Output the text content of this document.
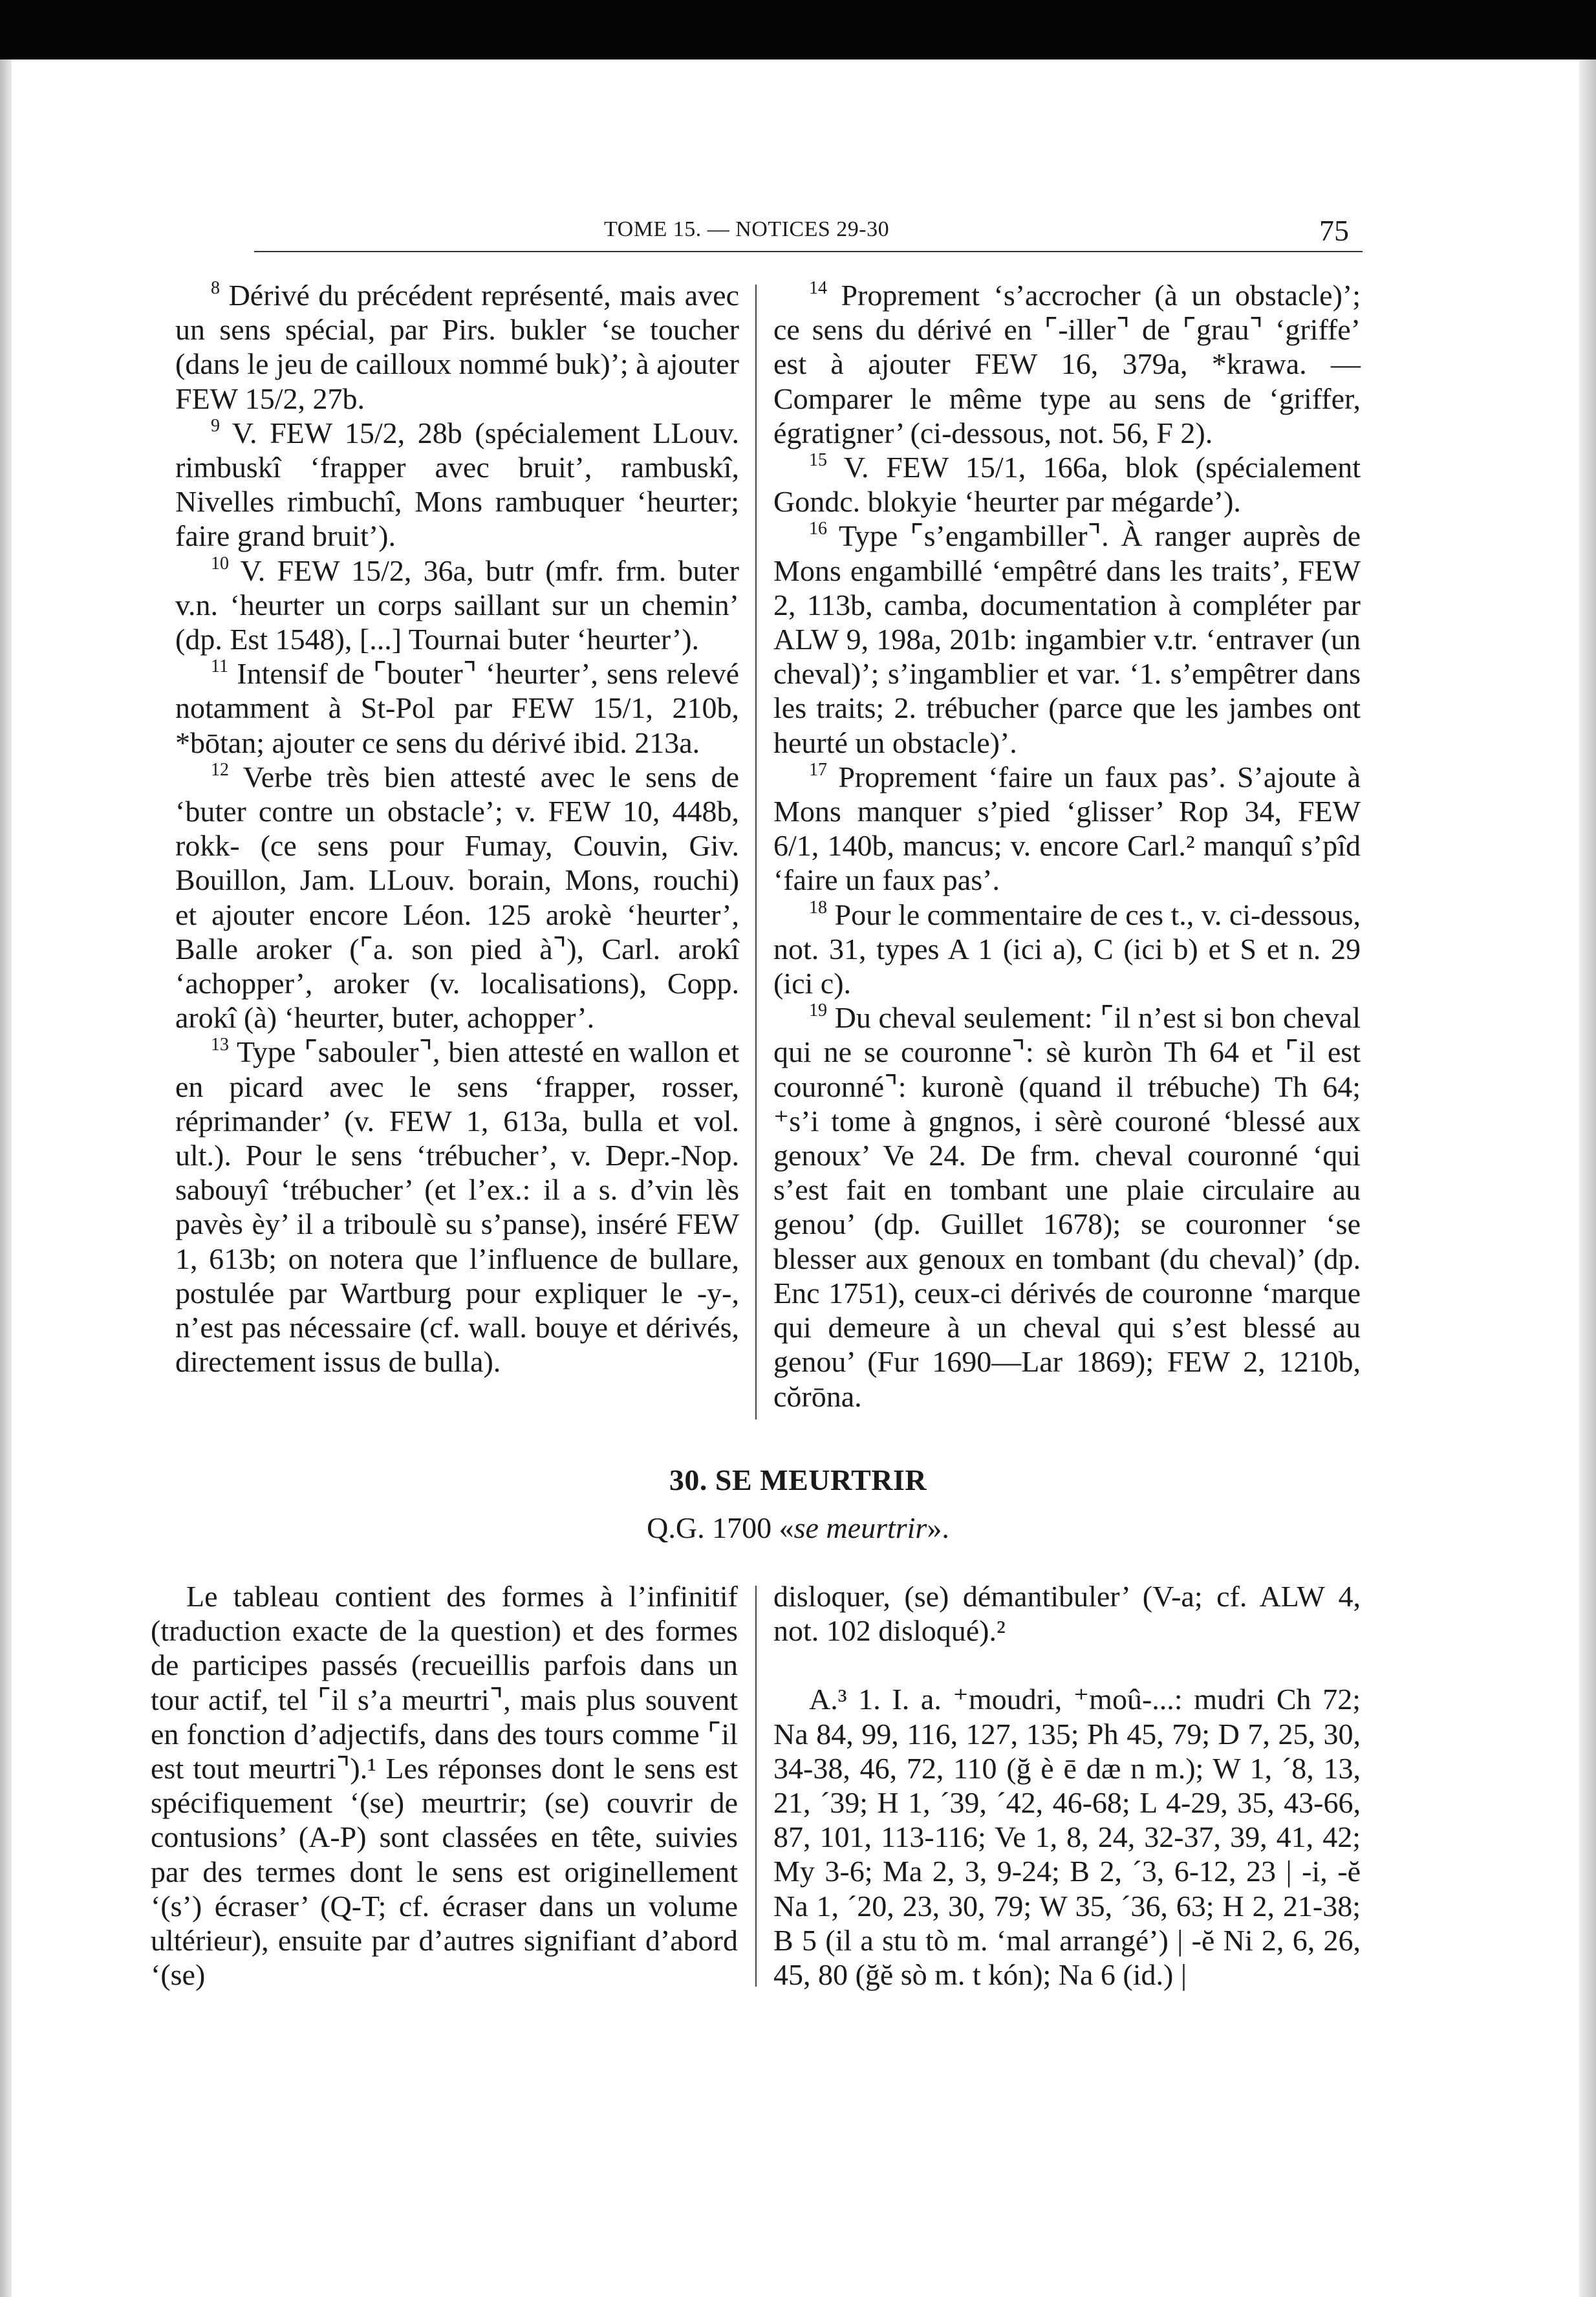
TOME 15. — NOTICES 29-30	75

$^8$ Dérivé du précédent représenté, mais avec un sens spécial, par Pirs. bukler ‘se toucher (dans le jeu de cailloux nommé buk)’; à ajouter FEW 15/2, 27b.

$^9$ V. FEW 15/2, 28b (spécialement LLouv. rimbuskî ‘frapper avec bruit’, rambuskî, Nivelles rimbuchî, Mons rambuquer ‘heurter; faire grand bruit’).

$^{10}$ V. FEW 15/2, 36a, butr (mfr. frm. buter v.n. ‘heurter un corps saillant sur un chemin’ (dp. Est 1548), [...] Tournai buter ‘heurter’).

$^{11}$ Intensif de ⌜bouter⌝ ‘heurter’, sens relevé notamment à St-Pol par FEW 15/1, 210b, *bōtan; ajouter ce sens du dérivé ibid. 213a.

$^{12}$ Verbe très bien attesté avec le sens de ‘buter contre un obstacle’; v. FEW 10, 448b, rokk- (ce sens pour Fumay, Couvin, Giv. Bouillon, Jam. LLouv. borain, Mons, rouchi) et ajouter encore Léon. 125 arokè ‘heurter’, Balle aroker (⌜a. son pied à⌝), Carl. arokî ‘achopper’, aroker (v. localisations), Copp. arokî (à) ‘heurter, buter, achopper’.

$^{13}$ Type ⌜sabouler⌝, bien attesté en wallon et en picard avec le sens ‘frapper, rosser, réprimander’ (v. FEW 1, 613a, bulla et vol. ult.). Pour le sens ‘trébucher’, v. Depr.-Nop. sabouyî ‘trébucher’ (et l’ex.: il a s. d’vin lès pavès èy’ il a triboulè su s’panse), inséré FEW 1, 613b; on notera que l’influence de bullare, postulée par Wartburg pour expliquer le -y-, n’est pas nécessaire (cf. wall. bouye et dérivés, directement issus de bulla).

$^{14}$ Proprement ‘s’accrocher (à un obstacle)’; ce sens du dérivé en ⌜-iller⌝ de ⌜grau⌝ ‘griffe’ est à ajouter FEW 16, 379a, *krawa. — Comparer le même type au sens de ‘griffer, égratigner’ (ci-dessous, not. 56, F 2).

$^{15}$ V. FEW 15/1, 166a, blok (spécialement Gondc. blokyie ‘heurter par mégarde’).

$^{16}$ Type ⌜s’engambiller⌝. À ranger auprès de Mons engambillé ‘empêtré dans les traits’, FEW 2, 113b, camba, documentation à compléter par ALW 9, 198a, 201b: ingambier v.tr. ‘entraver (un cheval)’; s’ingamblier et var. ‘1. s’empêtrer dans les traits; 2. trébucher (parce que les jambes ont heurté un obstacle)’.

$^{17}$ Proprement ‘faire un faux pas’. S’ajoute à Mons manquer s’pied ‘glisser’ Rop 34, FEW 6/1, 140b, mancus; v. encore Carl.² manquî s’pîd ‘faire un faux pas’.

$^{18}$ Pour le commentaire de ces t., v. ci-dessous, not. 31, types A 1 (ici a), C (ici b) et S et n. 29 (ici c).

$^{19}$ Du cheval seulement: ⌜il n’est si bon cheval qui ne se couronne⌝: sè kuròn Th 64 et ⌜il est couronné⌝: kuronè (quand il trébuche) Th 64; ⁺s’i tome à gngnos, i sèrè couroné ‘blessé aux genoux’ Ve 24. De frm. cheval couronné ‘qui s’est fait en tombant une plaie circulaire au genou’ (dp. Guillet 1678); se couronner ‘se blesser aux genoux en tombant (du cheval)’ (dp. Enc 1751), ceux-ci dérivés de couronne ‘marque qui demeure à un cheval qui s’est blessé au genou’ (Fur 1690—Lar 1869); FEW 2, 1210b, cŏrōna.

30. SE MEURTRIR
Q.G. 1700 «se meurtrir».

Le tableau contient des formes à l’infinitif (traduction exacte de la question) et des formes de participes passés (recueillis parfois dans un tour actif, tel ⌜il s’a meurtri⌝, mais plus souvent en fonction d’adjectifs, dans des tours comme ⌜il est tout meurtri⌝).¹ Les réponses dont le sens est spécifiquement ‘(se) meurtrir; (se) couvrir de contusions’ (A-P) sont classées en tête, suivies par des termes dont le sens est originellement ‘(s’) écraser’ (Q-T; cf. écraser dans un volume ultérieur), ensuite par d’autres signifiant d’abord ‘(se)

disloquer, (se) démantibuler’ (V-a; cf. ALW 4, not. 102 disloqué).²

A.³ 1. I. a. ⁺moudri, ⁺moû-...: mudri Ch 72; Na 84, 99, 116, 127, 135; Ph 45, 79; D 7, 25, 30, 34-38, 46, 72, 110 (ğ è ē dæ n m.); W 1, ´8, 13, 21, ´39; H 1, ´39, ´42, 46-68; L 4-29, 35, 43-66, 87, 101, 113-116; Ve 1, 8, 24, 32-37, 39, 41, 42; My 3-6; Ma 2, 3, 9-24; B 2, ´3, 6-12, 23 | -i, -ĕ Na 1, ´20, 23, 30, 79; W 35, ´36, 63; H 2, 21-38; B 5 (il a stu tò m. ‘mal arrangé’) | -ĕ Ni 2, 6, 26, 45, 80 (ğĕ sò m. t kón); Na 6 (id.) |
